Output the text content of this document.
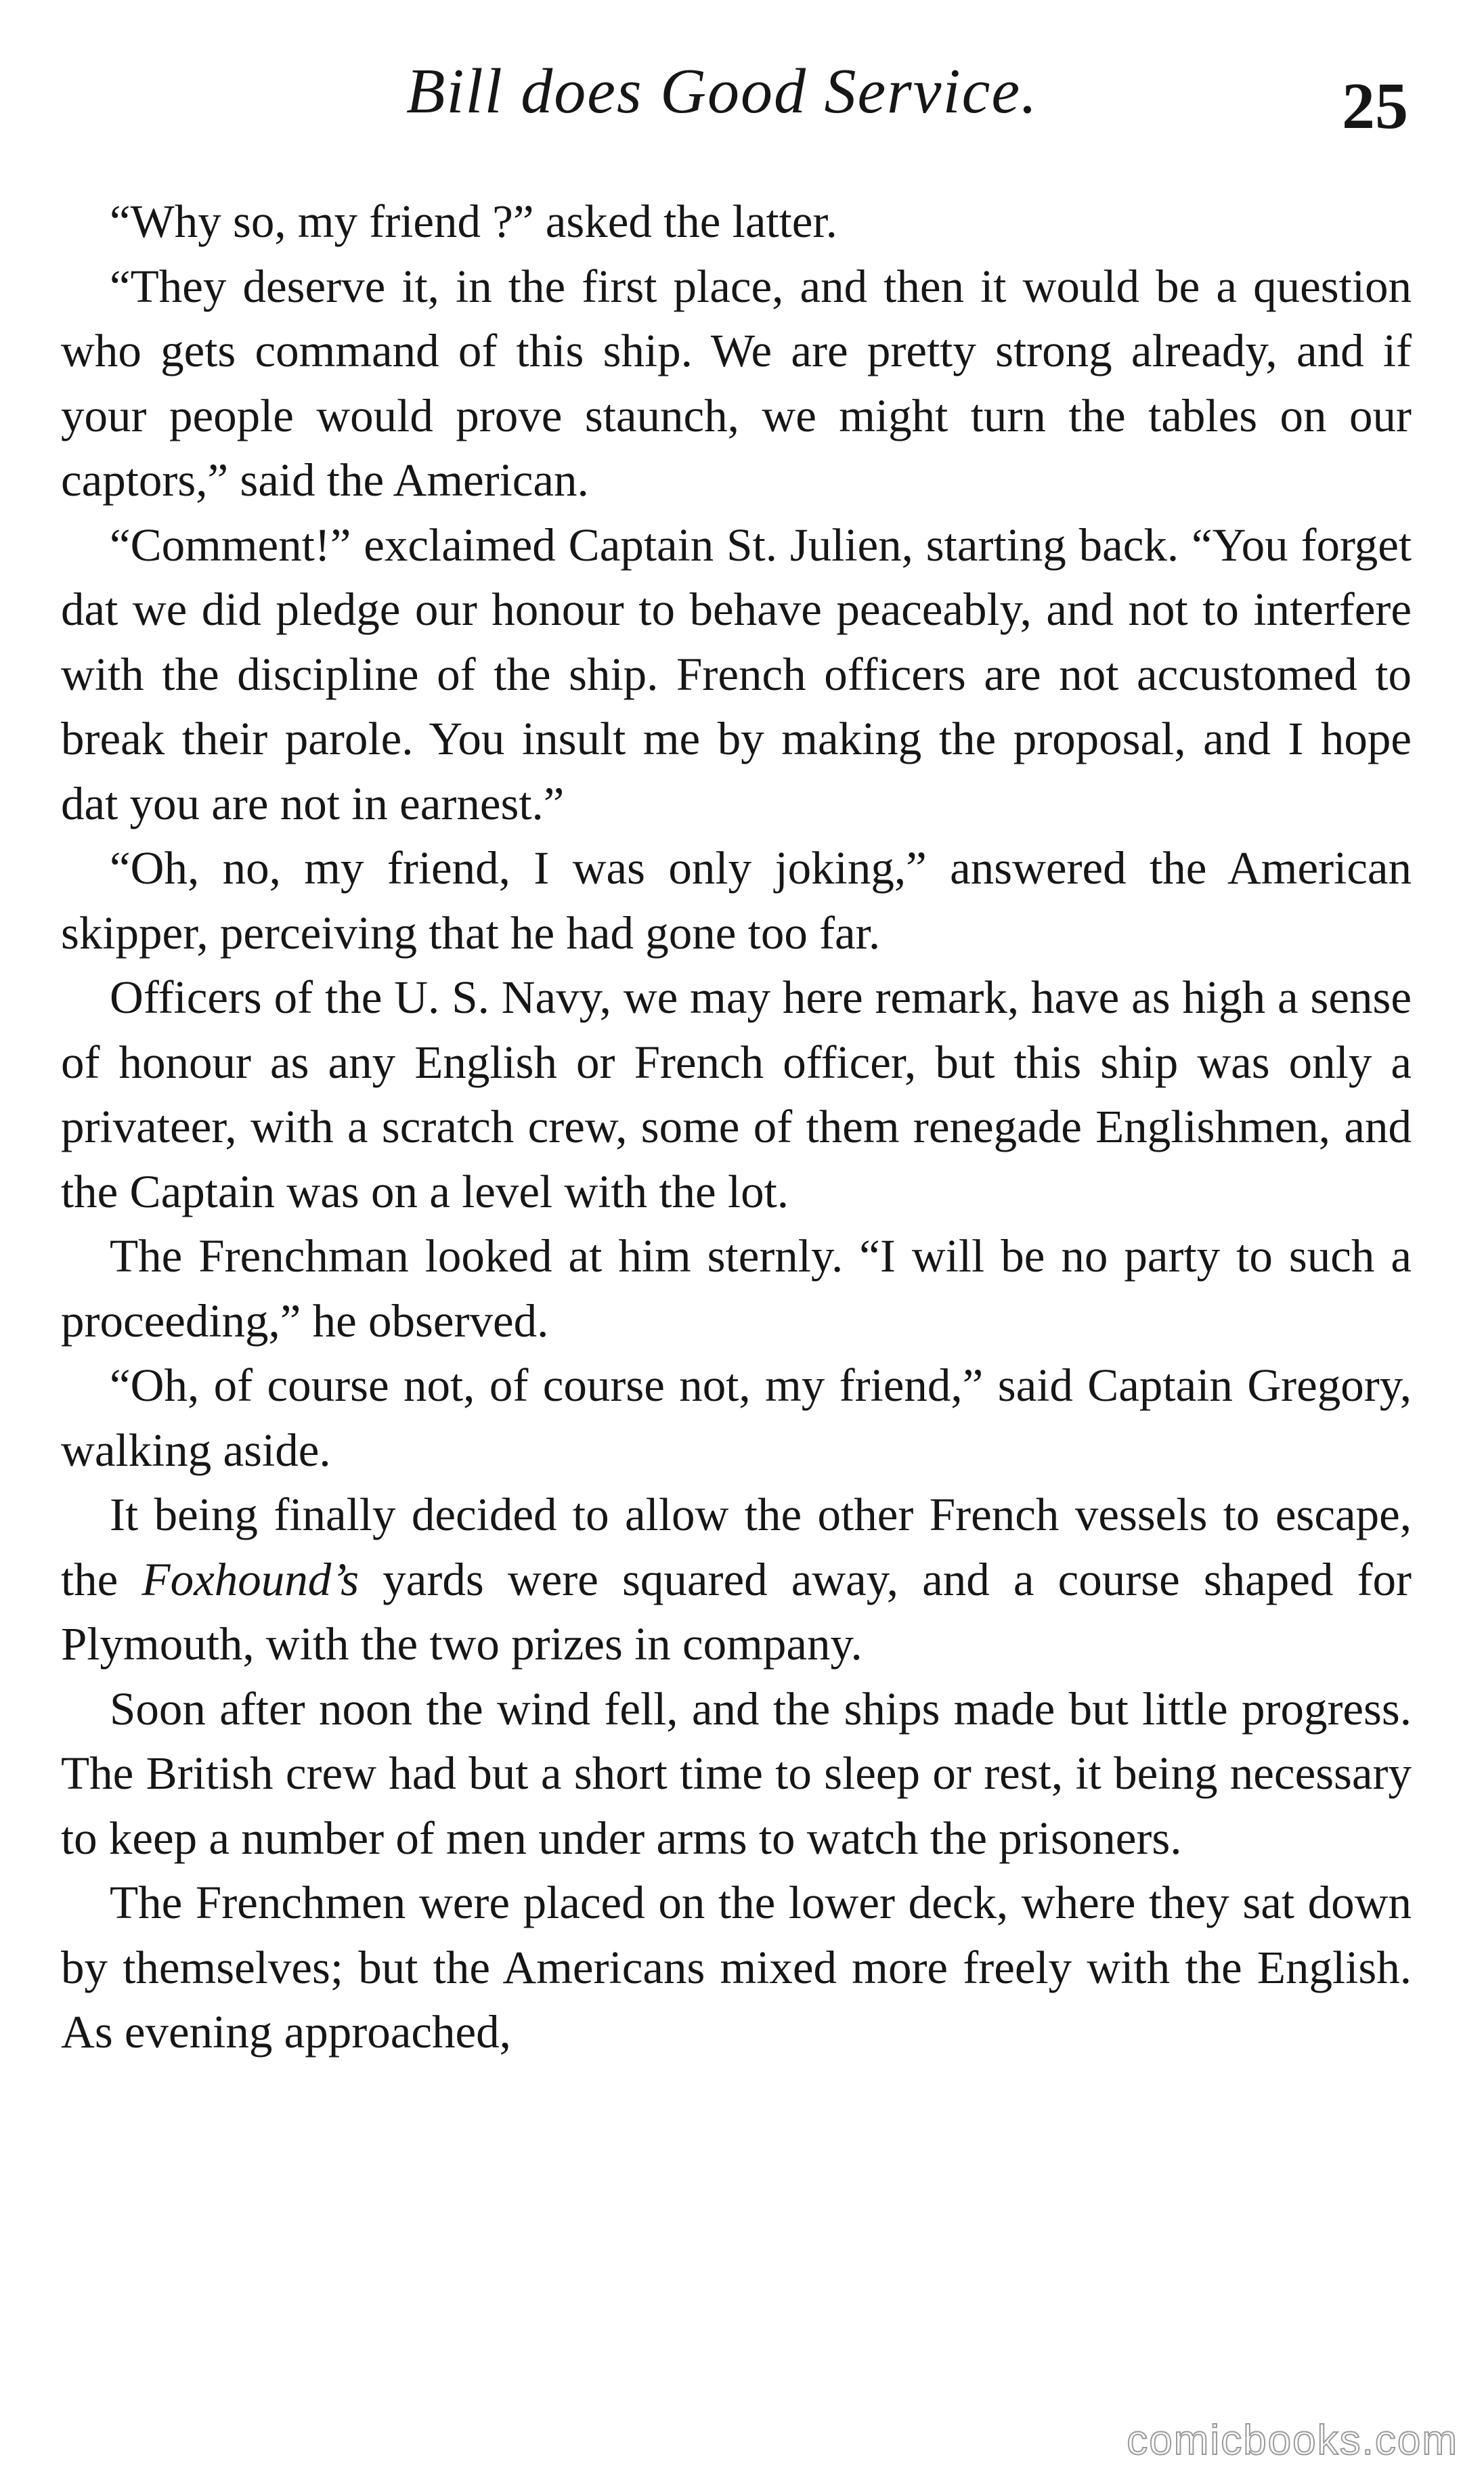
Bill does Good Service.	25

“Why so, my friend ?” asked the latter.

“They deserve it, in the first place, and then it would be a question who gets command of this ship. We are pretty strong already, and if your people would prove staunch, we might turn the tables on our captors,” said the American.

“Comment!” exclaimed Captain St. Julien, starting back. “You forget dat we did pledge our honour to behave peaceably, and not to interfere with the discipline of the ship. French officers are not accustomed to break their parole. You insult me by making the proposal, and I hope dat you are not in earnest.”

“Oh, no, my friend, I was only joking,” answered the American skipper, perceiving that he had gone too far.

Officers of the U. S. Navy, we may here remark, have as high a sense of honour as any English or French officer, but this ship was only a privateer, with a scratch crew, some of them renegade Englishmen, and the Captain was on a level with the lot.

The Frenchman looked at him sternly. “I will be no party to such a proceeding,” he observed.

“Oh, of course not, of course not, my friend,” said Captain Gregory, walking aside.

It being finally decided to allow the other French vessels to escape, the Foxhound’s yards were squared away, and a course shaped for Plymouth, with the two prizes in company.

Soon after noon the wind fell, and the ships made but little progress. The British crew had but a short time to sleep or rest, it being necessary to keep a number of men under arms to watch the prisoners.

The Frenchmen were placed on the lower deck, where they sat down by themselves; but the Americans mixed more freely with the English. As evening approached,

comicbooks.com
